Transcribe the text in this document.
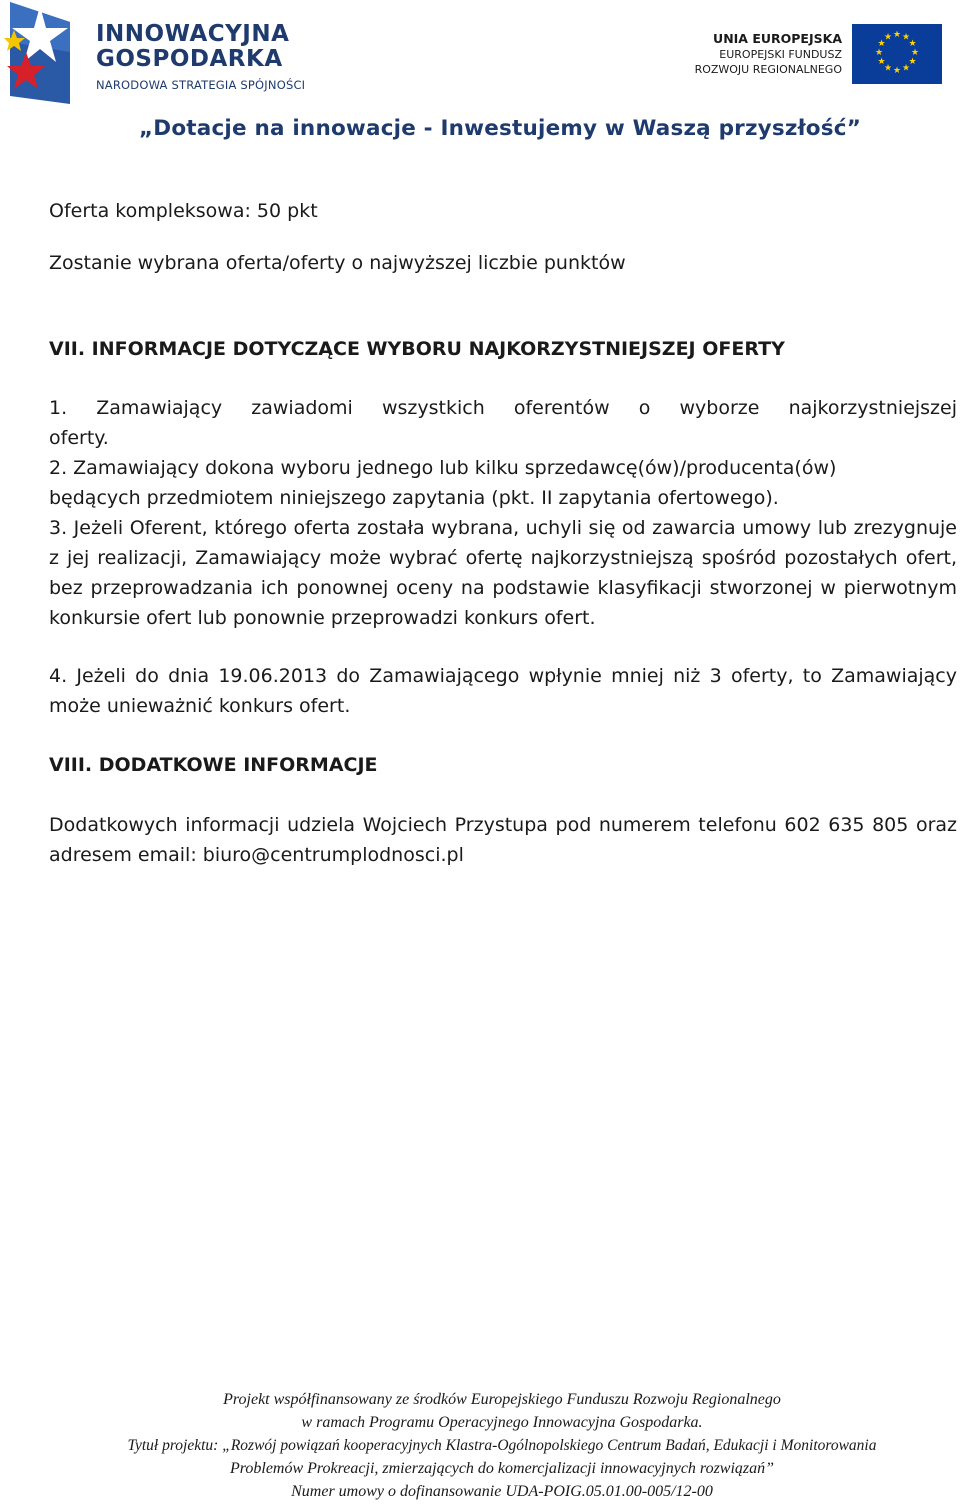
INNOWACYJNA
GOSPODARKA
NARODOWA STRATEGIA SPÓJNOŚCI
UNIA EUROPEJSKA
EUROPEJSKI FUNDUSZ
ROZWOJU REGIONALNEGO
★ ★
★
★
★
★
★
★
★
★
★
★
„Dotacje na innowacje - Inwestujemy w Waszą przyszłość”
Oferta kompleksowa: 50 pkt
Zostanie wybrana oferta/oferty o najwyższej liczbie punktów
VII. INFORMACJE DOTYCZĄCE WYBORU NAJKORZYSTNIEJSZEJ OFERTY
1. Zamawiający zawiadomi wszystkich oferentów o wyborze najkorzystniejszej
oferty.
2. Zamawiający dokona wyboru jednego lub kilku sprzedawcę(ów)/producenta(ów)
będących przedmiotem niniejszego zapytania (pkt. II zapytania ofertowego).
3. Jeżeli Oferent, którego oferta została wybrana, uchyli się od zawarcia umowy lub zrezygnuje z jej realizacji, Zamawiający może wybrać ofertę najkorzystniejszą spośród pozostałych ofert, bez przeprowadzania ich ponownej oceny na podstawie klasyfikacji stworzonej w pierwotnym konkursie ofert lub ponownie przeprowadzi konkurs ofert.
4. Jeżeli do dnia 19.06.2013 do Zamawiającego wpłynie mniej niż 3 oferty, to Zamawiający może unieważnić konkurs ofert.
VIII. DODATKOWE INFORMACJE
Dodatkowych informacji udziela Wojciech Przystupa pod numerem telefonu 602 635 805 oraz adresem email: biuro@centrumplodnosci.pl
Projekt współfinansowany ze środków Europejskiego Funduszu Rozwoju Regionalnego
w ramach Programu Operacyjnego Innowacyjna Gospodarka.
Tytuł projektu: „Rozwój powiązań kooperacyjnych Klastra-Ogólnopolskiego Centrum Badań, Edukacji i Monitorowania
Problemów Prokreacji, zmierzających do komercjalizacji innowacyjnych rozwiązań”
Numer umowy o dofinansowanie UDA-POIG.05.01.00-005/12-00
